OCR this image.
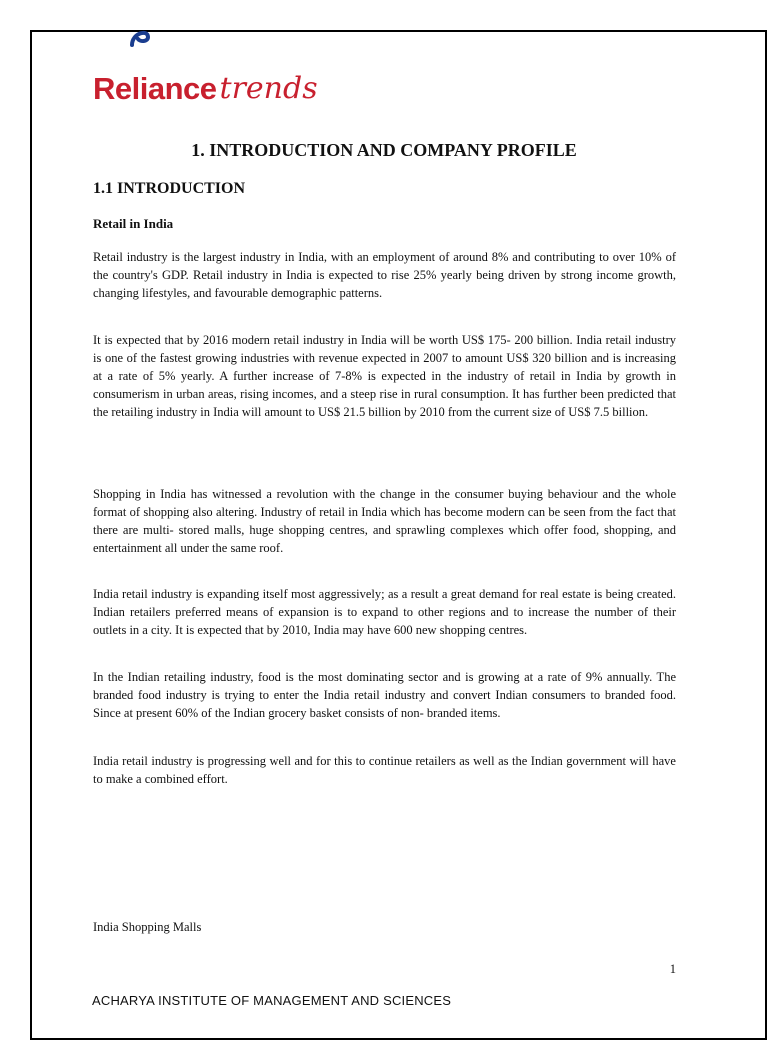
Reliance trends
1. INTRODUCTION AND COMPANY PROFILE
1.1 INTRODUCTION
Retail in India

Retail industry is the largest industry in India, with an employment of around 8% and contributing to over 10% of the country's GDP. Retail industry in India is expected to rise 25% yearly being driven by strong income growth, changing lifestyles, and favourable demographic patterns.

It is expected that by 2016 modern retail industry in India will be worth US$ 175- 200 billion. India retail industry is one of the fastest growing industries with revenue expected in 2007 to amount US$ 320 billion and is increasing at a rate of 5% yearly. A further increase of 7-8% is expected in the industry of retail in India by growth in consumerism in urban areas, rising incomes, and a steep rise in rural consumption. It has further been predicted that the retailing industry in India will amount to US$ 21.5 billion by 2010 from the current size of US$ 7.5 billion.

Shopping in India has witnessed a revolution with the change in the consumer buying behaviour and the whole format of shopping also altering. Industry of retail in India which has become modern can be seen from the fact that there are multi- stored malls, huge shopping centres, and sprawling complexes which offer food, shopping, and entertainment all under the same roof.

India retail industry is expanding itself most aggressively; as a result a great demand for real estate is being created. Indian retailers preferred means of expansion is to expand to other regions and to increase the number of their outlets in a city. It is expected that by 2010, India may have 600 new shopping centres.

In the Indian retailing industry, food is the most dominating sector and is growing at a rate of 9% annually. The branded food industry is trying to enter the India retail industry and convert Indian consumers to branded food. Since at present 60% of the Indian grocery basket consists of non- branded items.

India retail industry is progressing well and for this to continue retailers as well as the Indian government will have to make a combined effort.

India Shopping Malls
1
ACHARYA INSTITUTE OF MANAGEMENT AND SCIENCES
